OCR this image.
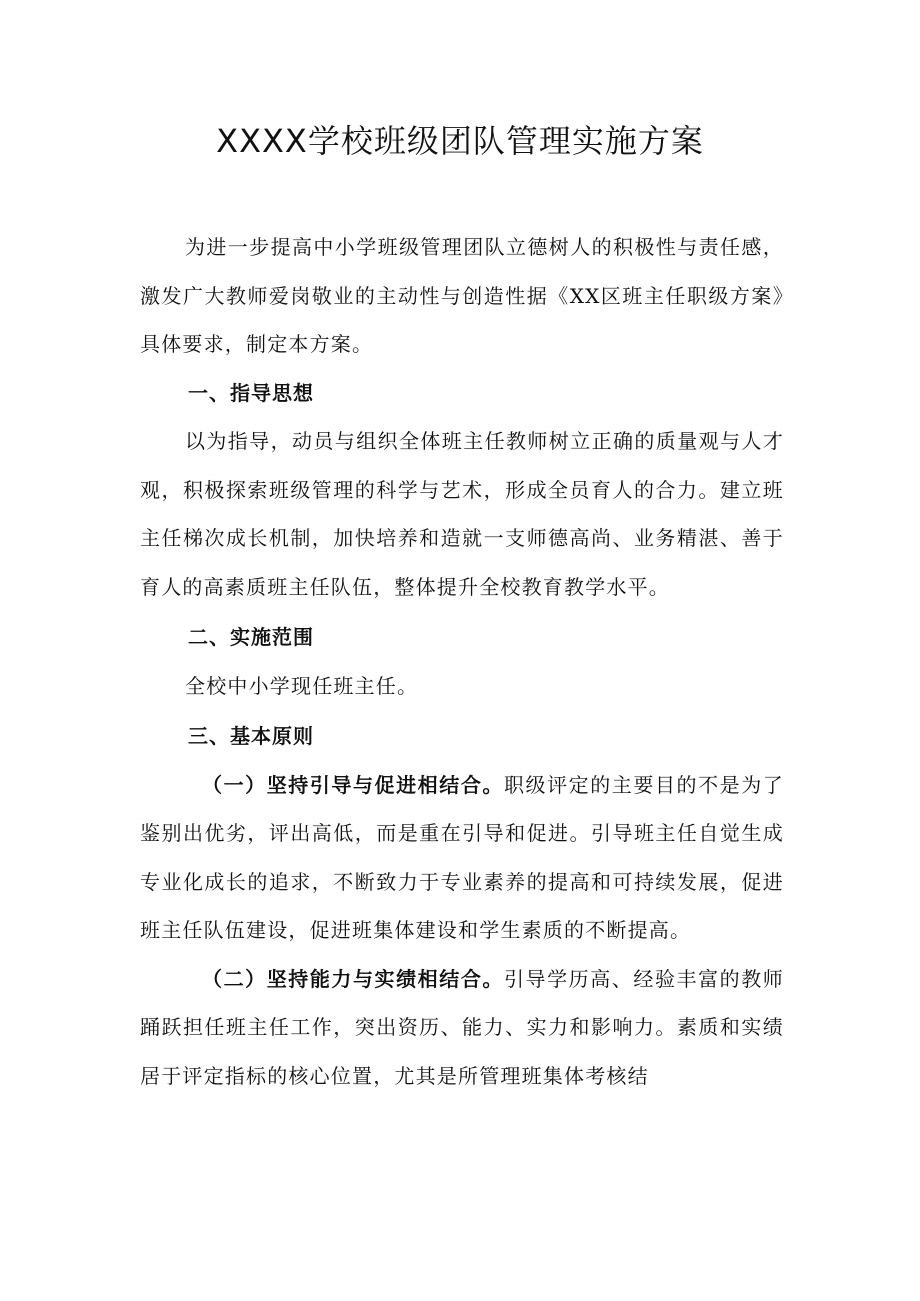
XXXX学校班级团队管理实施方案

为进一步提高中小学班级管理团队立德树人的积极性与责任感，激发广大教师爱岗敬业的主动性与创造性据《XX区班主任职级方案》具体要求，制定本方案。

一、指导思想

以为指导，动员与组织全体班主任教师树立正确的质量观与人才观，积极探索班级管理的科学与艺术，形成全员育人的合力。建立班主任梯次成长机制，加快培养和造就一支师德高尚、业务精湛、善于育人的高素质班主任队伍，整体提升全校教育教学水平。

二、实施范围

全校中小学现任班主任。

三、基本原则

（一）坚持引导与促进相结合。职级评定的主要目的不是为了鉴别出优劣，评出高低，而是重在引导和促进。引导班主任自觉生成专业化成长的追求，不断致力于专业素养的提高和可持续发展，促进班主任队伍建设，促进班集体建设和学生素质的不断提高。

（二）坚持能力与实绩相结合。引导学历高、经验丰富的教师踊跃担任班主任工作，突出资历、能力、实力和影响力。素质和实绩居于评定指标的核心位置，尤其是所管理班集体考核结
